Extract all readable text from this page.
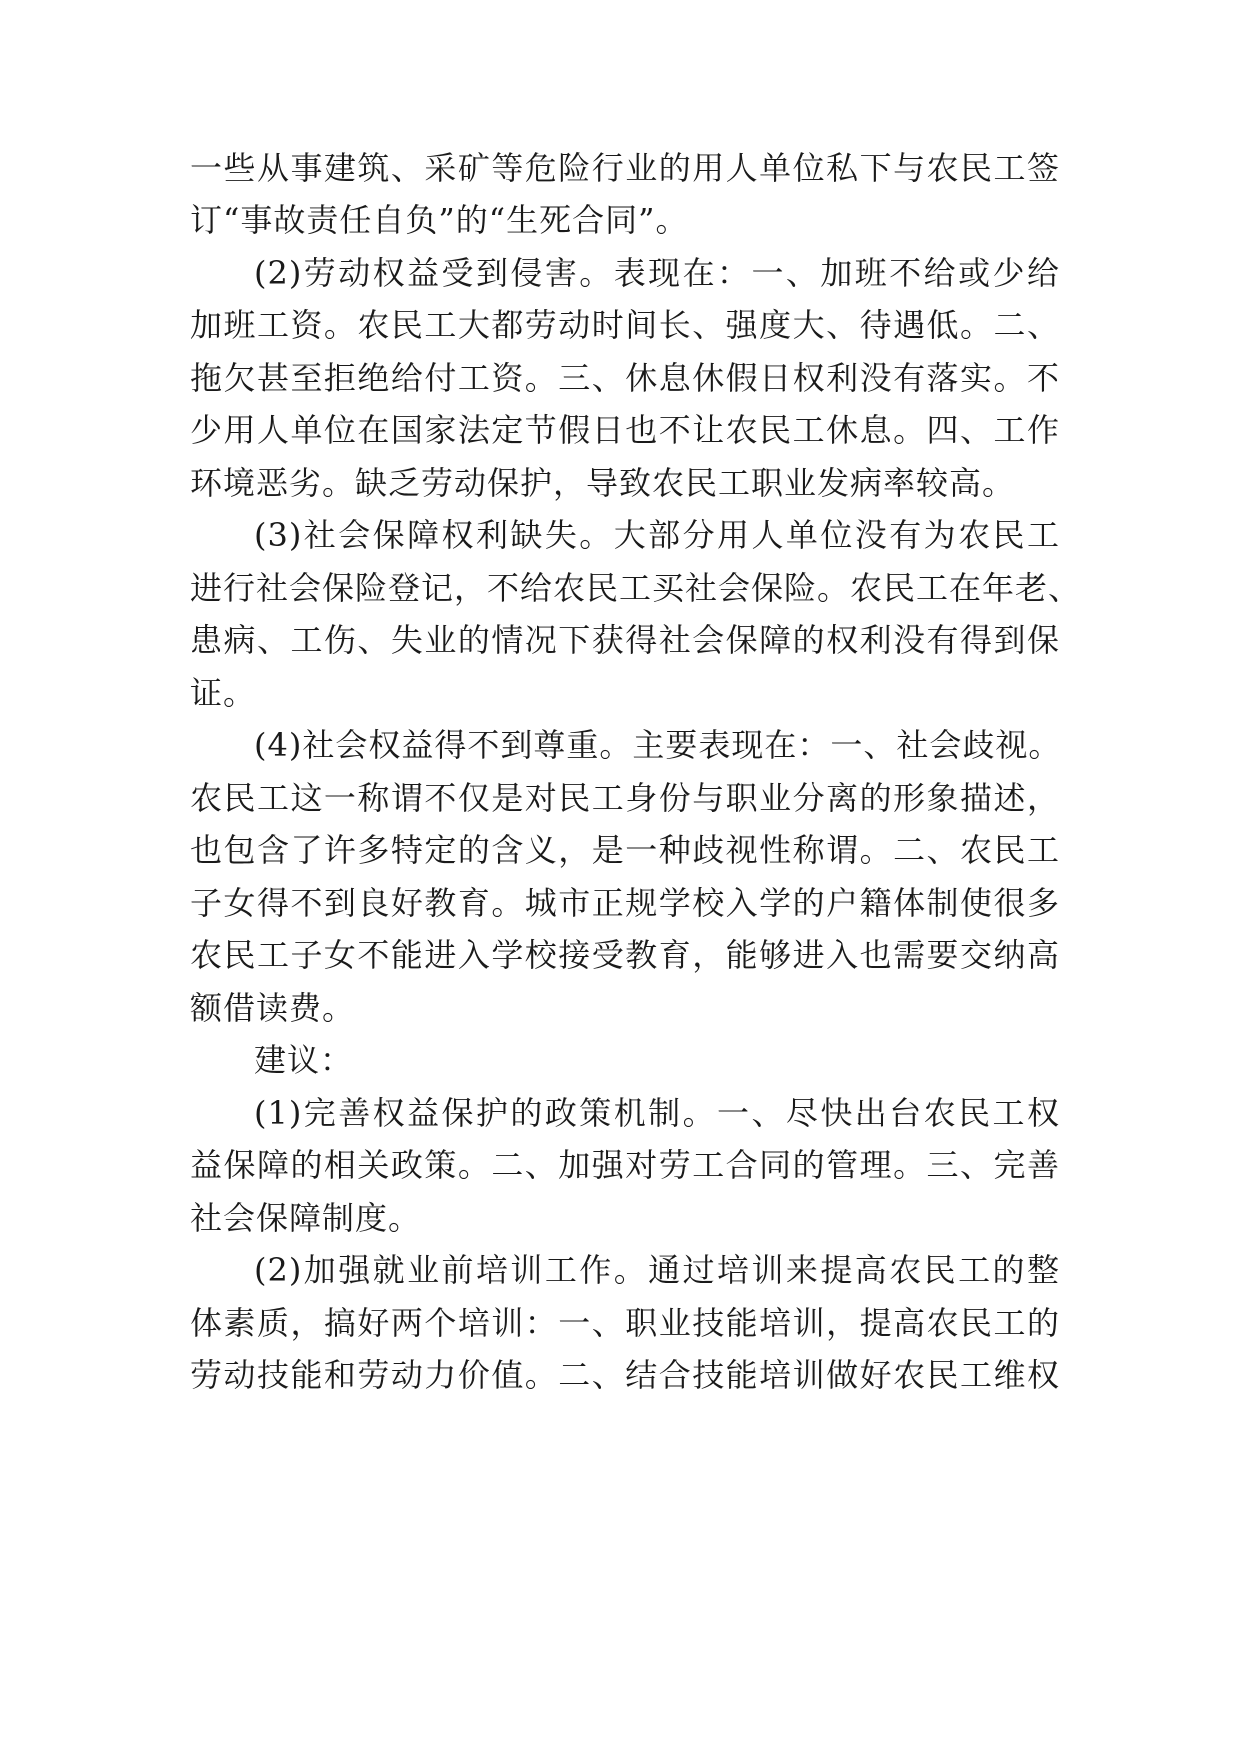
一些从事建筑、采矿等危险行业的用人单位私下与农民工签
订“事故责任自负”的“生死合同”。
(2)劳动权益受到侵害。表现在：一、加班不给或少给
加班工资。农民工大都劳动时间长、强度大、待遇低。二、
拖欠甚至拒绝给付工资。三、休息休假日权利没有落实。不
少用人单位在国家法定节假日也不让农民工休息。四、工作
环境恶劣。缺乏劳动保护，导致农民工职业发病率较高。
(3)社会保障权利缺失。大部分用人单位没有为农民工
进行社会保险登记，不给农民工买社会保险。农民工在年老、
患病、工伤、失业的情况下获得社会保障的权利没有得到保
证。
(4)社会权益得不到尊重。主要表现在：一、社会歧视。
农民工这一称谓不仅是对民工身份与职业分离的形象描述，
也包含了许多特定的含义，是一种歧视性称谓。二、农民工
子女得不到良好教育。城市正规学校入学的户籍体制使很多
农民工子女不能进入学校接受教育，能够进入也需要交纳高
额借读费。
建议：
(1)完善权益保护的政策机制。一、尽快出台农民工权
益保障的相关政策。二、加强对劳工合同的管理。三、完善
社会保障制度。
(2)加强就业前培训工作。通过培训来提高农民工的整
体素质，搞好两个培训：一、职业技能培训，提高农民工的
劳动技能和劳动力价值。二、结合技能培训做好农民工维权
